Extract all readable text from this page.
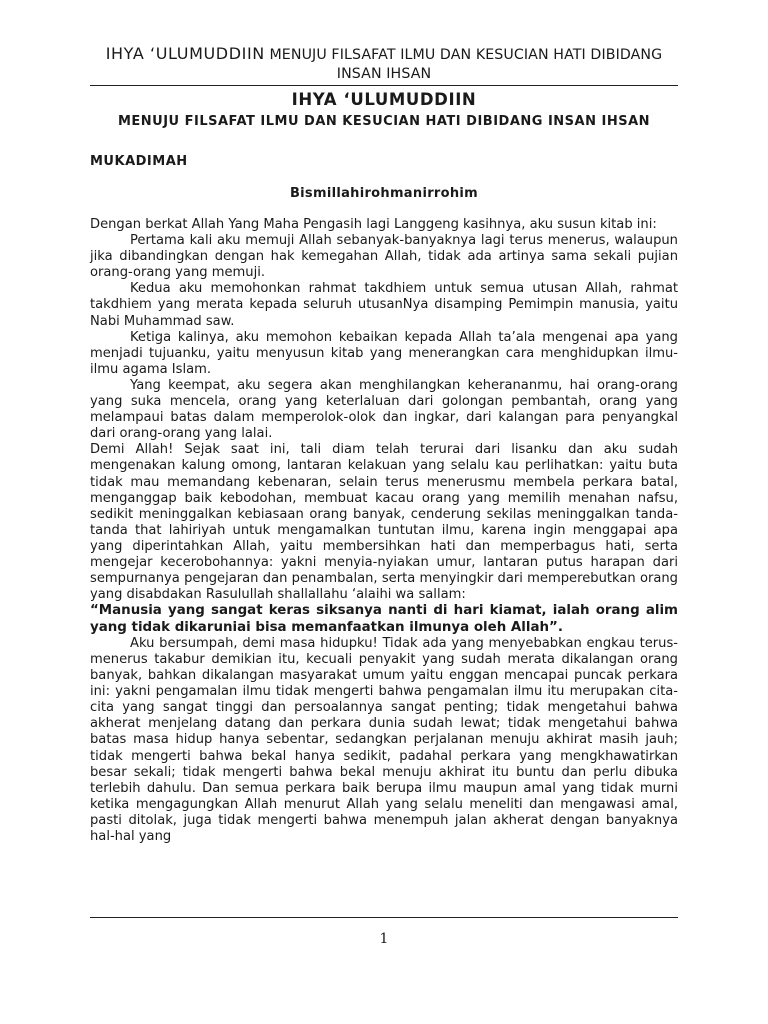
IHYA ‘ULUMUDDIIN MENUJU FILSAFAT ILMU DAN KESUCIAN HATI DIBIDANG INSAN IHSAN
IHYA ‘ULUMUDDIIN
MENUJU FILSAFAT ILMU DAN KESUCIAN HATI DIBIDANG INSAN IHSAN
MUKADIMAH
Bismillahirohmanirrohim

Dengan berkat Allah Yang Maha Pengasih lagi Langgeng kasihnya, aku susun kitab ini:

Pertama kali aku memuji Allah sebanyak-banyaknya lagi terus menerus, walaupun jika dibandingkan dengan hak kemegahan Allah, tidak ada artinya sama sekali pujian orang-orang yang memuji.

Kedua aku memohonkan rahmat takdhiem untuk semua utusan Allah, rahmat takdhiem yang merata kepada seluruh utusanNya disamping Pemimpin manusia, yaitu Nabi Muhammad saw.

Ketiga kalinya, aku memohon kebaikan kepada Allah ta’ala mengenai apa yang menjadi tujuanku, yaitu menyusun kitab yang menerangkan cara menghidupkan ilmu-ilmu agama Islam.

Yang keempat, aku segera akan menghilangkan keherananmu, hai orang-orang yang suka mencela, orang yang keterlaluan dari golongan pembantah, orang yang melampaui batas dalam memperolok-olok dan ingkar, dari kalangan para penyangkal dari orang-orang yang lalai.

Demi Allah! Sejak saat ini, tali diam telah terurai dari lisanku dan aku sudah mengenakan kalung omong, lantaran kelakuan yang selalu kau perlihatkan: yaitu buta tidak mau memandang kebenaran, selain terus menerusmu membela perkara batal, menganggap baik kebodohan, membuat kacau orang yang memilih menahan nafsu, sedikit meninggalkan kebiasaan orang banyak, cenderung sekilas meninggalkan tanda-tanda that lahiriyah untuk mengamalkan tuntutan ilmu, karena ingin menggapai apa yang diperintahkan Allah, yaitu membersihkan hati dan memperbagus hati, serta mengejar kecerobohannya: yakni menyia-nyiakan umur, lantaran putus harapan dari sempurnanya pengejaran dan penambalan, serta menyingkir dari memperebutkan orang yang disabdakan Rasulullah shallallahu ‘alaihi wa sallam:

“Manusia yang sangat keras siksanya nanti di hari kiamat, ialah orang alim yang tidak dikaruniai bisa memanfaatkan ilmunya oleh Allah”.

Aku bersumpah, demi masa hidupku! Tidak ada yang menyebabkan engkau terus-menerus takabur demikian itu, kecuali penyakit yang sudah merata dikalangan orang banyak, bahkan dikalangan masyarakat umum yaitu enggan mencapai puncak perkara ini: yakni pengamalan ilmu tidak mengerti bahwa pengamalan ilmu itu merupakan cita-cita yang sangat tinggi dan persoalannya sangat penting; tidak mengetahui bahwa akherat menjelang datang dan perkara dunia sudah lewat; tidak mengetahui bahwa batas masa hidup hanya sebentar, sedangkan perjalanan menuju akhirat masih jauh; tidak mengerti bahwa bekal hanya sedikit, padahal perkara yang mengkhawatirkan besar sekali; tidak mengerti bahwa bekal menuju akhirat itu buntu dan perlu dibuka terlebih dahulu. Dan semua perkara baik berupa ilmu maupun amal yang tidak murni ketika mengagungkan Allah menurut Allah yang selalu meneliti dan mengawasi amal, pasti ditolak, juga tidak mengerti bahwa menempuh jalan akherat dengan banyaknya hal-hal yang

1
